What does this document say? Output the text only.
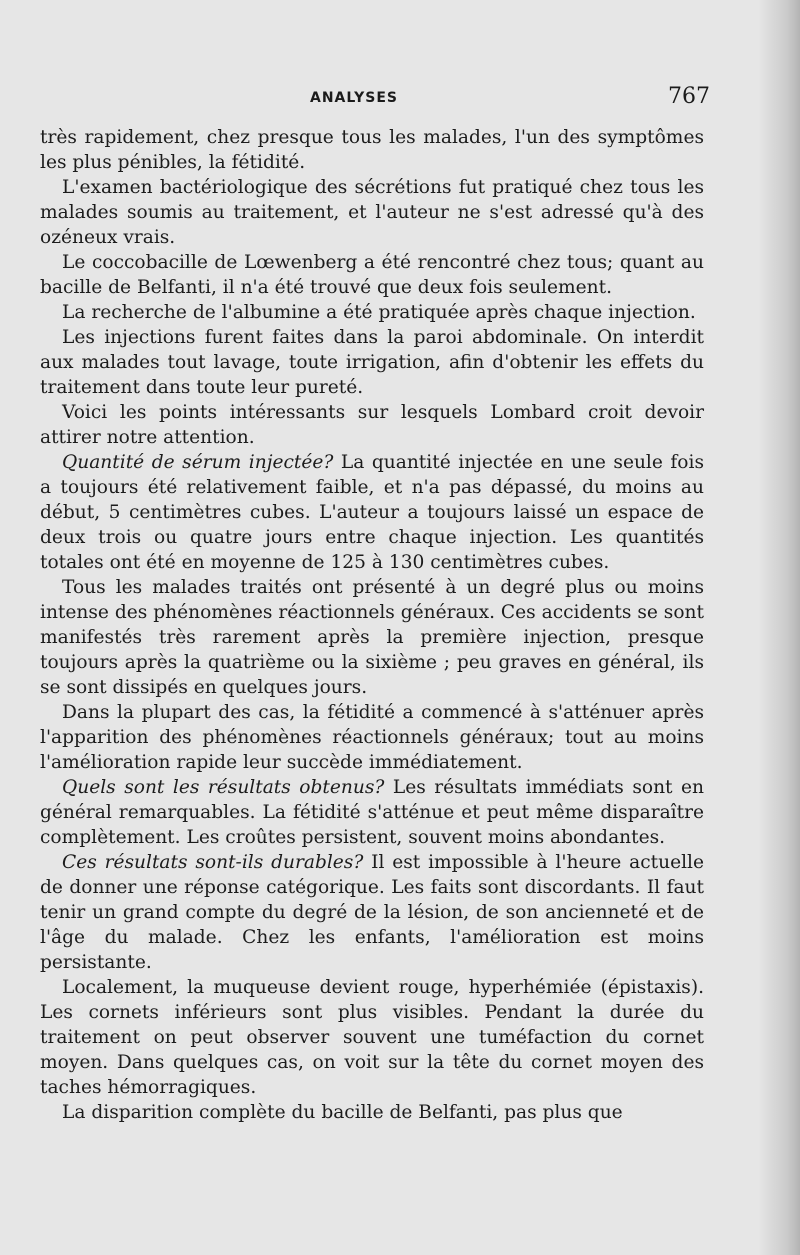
ANALYSES	767

très rapidement, chez presque tous les malades, l'un des symptômes les plus pénibles, la fétidité.

L'examen bactériologique des sécrétions fut pratiqué chez tous les malades soumis au traitement, et l'auteur ne s'est adressé qu'à des ozéneux vrais.

Le coccobacille de Lœwenberg a été rencontré chez tous; quant au bacille de Belfanti, il n'a été trouvé que deux fois seulement.

La recherche de l'albumine a été pratiquée après chaque injection.

Les injections furent faites dans la paroi abdominale. On interdit aux malades tout lavage, toute irrigation, afin d'obtenir les effets du traitement dans toute leur pureté.

Voici les points intéressants sur lesquels Lombard croit devoir attirer notre attention.

Quantité de sérum injectée? La quantité injectée en une seule fois a toujours été relativement faible, et n'a pas dépassé, du moins au début, 5 centimètres cubes. L'auteur a toujours laissé un espace de deux trois ou quatre jours entre chaque injection. Les quantités totales ont été en moyenne de 125 à 130 centimètres cubes.

Tous les malades traités ont présenté à un degré plus ou moins intense des phénomènes réactionnels généraux. Ces accidents se sont manifestés très rarement après la première injection, presque toujours après la quatrième ou la sixième ; peu graves en général, ils se sont dissipés en quelques jours.

Dans la plupart des cas, la fétidité a commencé à s'atténuer après l'apparition des phénomènes réactionnels généraux; tout au moins l'amélioration rapide leur succède immédiatement.

Quels sont les résultats obtenus? Les résultats immédiats sont en général remarquables. La fétidité s'atténue et peut même disparaître complètement. Les croûtes persistent, souvent moins abondantes.

Ces résultats sont-ils durables? Il est impossible à l'heure actuelle de donner une réponse catégorique. Les faits sont discordants. Il faut tenir un grand compte du degré de la lésion, de son ancienneté et de l'âge du malade. Chez les enfants, l'amélioration est moins persistante.

Localement, la muqueuse devient rouge, hyperhémiée (épistaxis). Les cornets inférieurs sont plus visibles. Pendant la durée du traitement on peut observer souvent une tuméfaction du cornet moyen. Dans quelques cas, on voit sur la tête du cornet moyen des taches hémorragiques.

La disparition complète du bacille de Belfanti, pas plus que
